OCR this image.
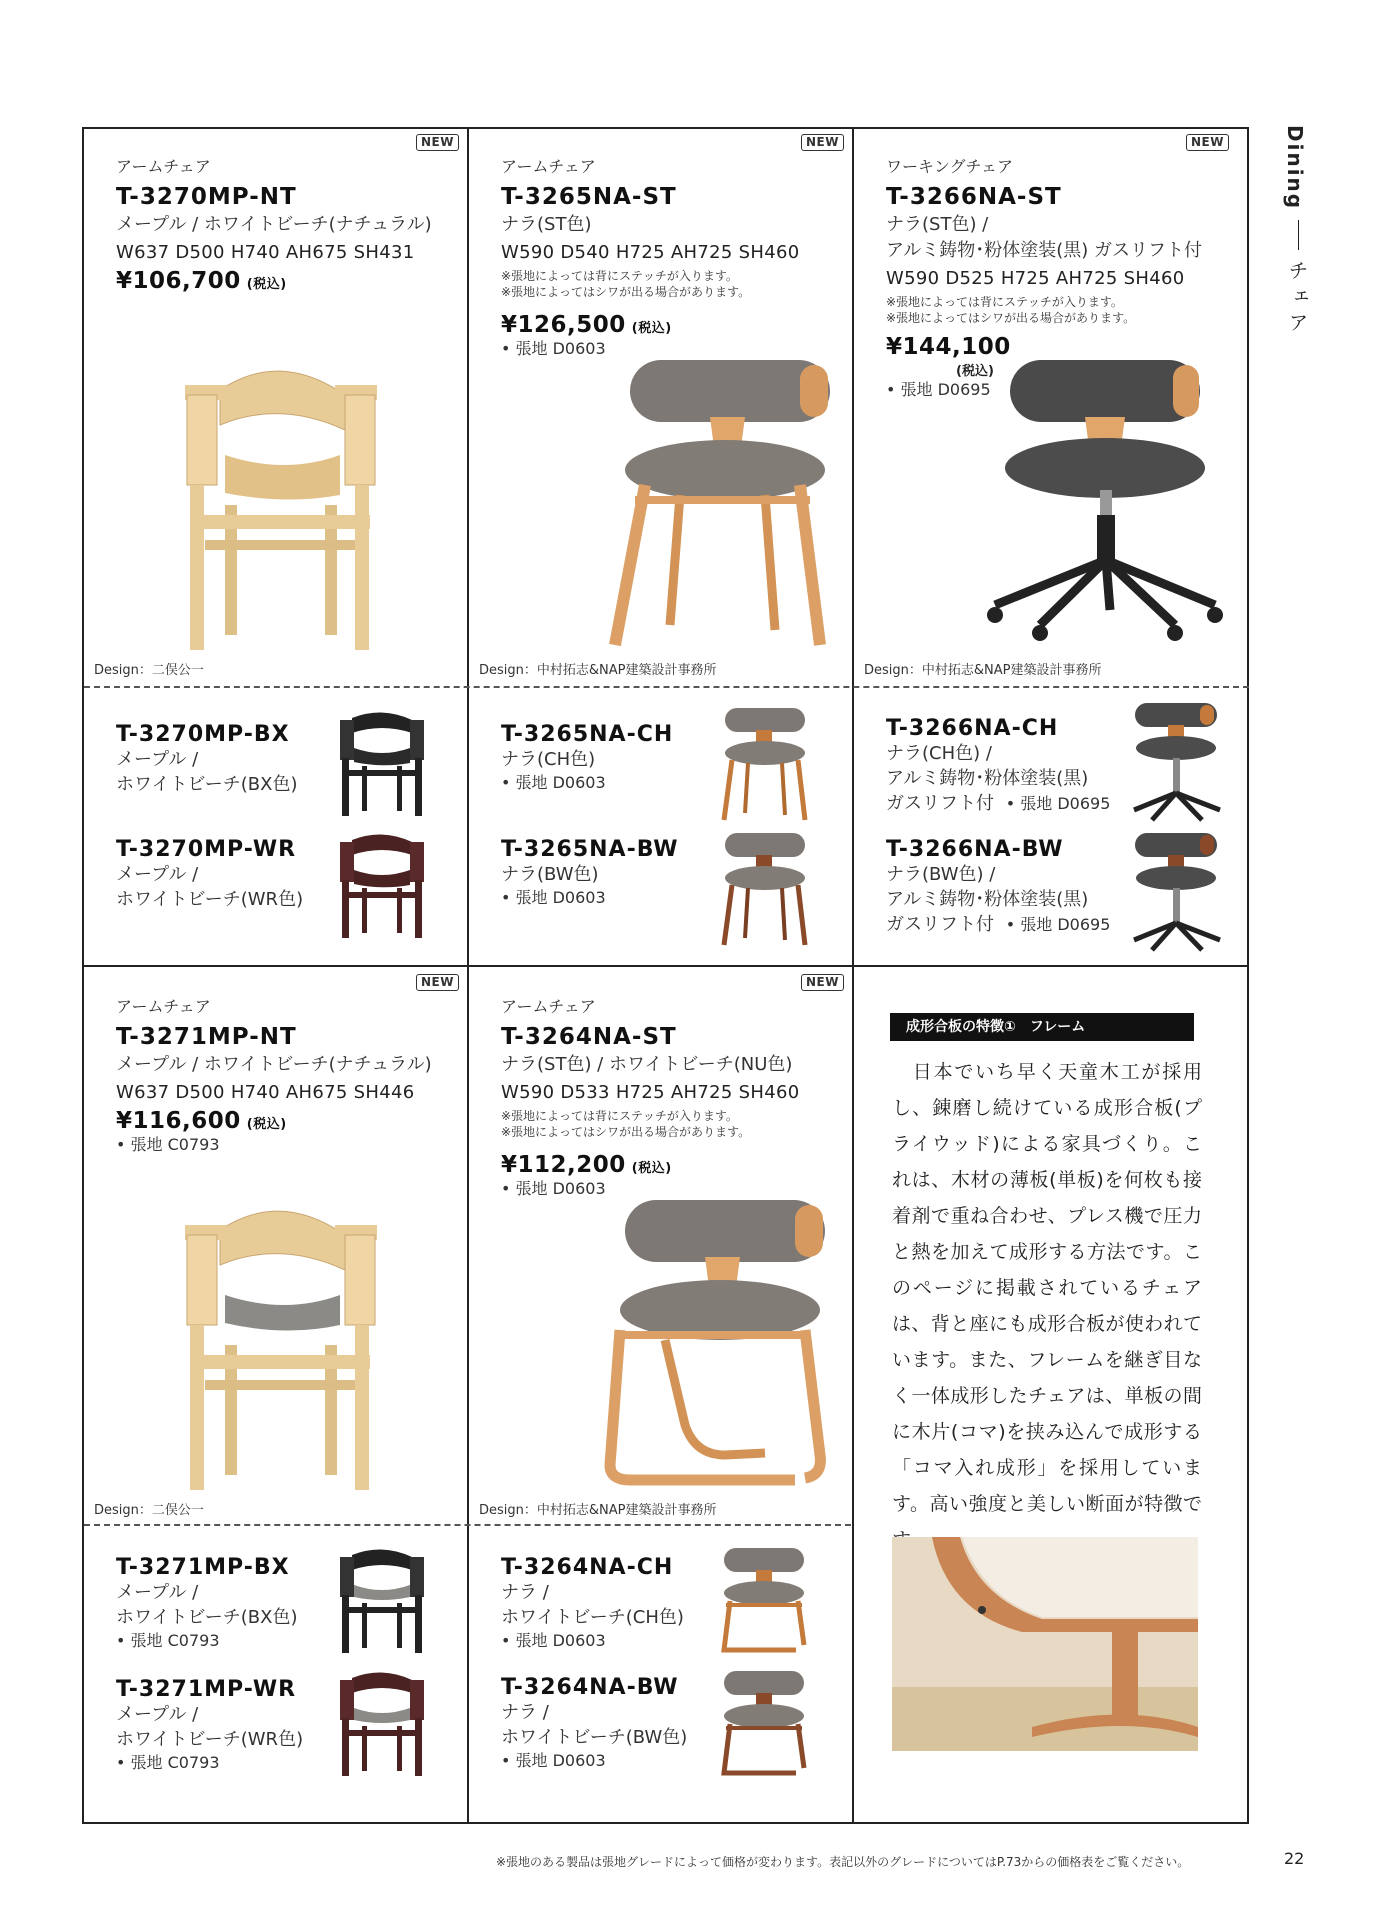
Dining
チェア
NEW	NEW	NEW
NEW	NEW

アームチェア

T-3270MP-NT
メープル / ホワイトビーチ(ナチュラル)
W637 D500 H740 AH675 SH431
¥106,700 (税込)
Design：二俣公一

アームチェア

T-3265NA-ST
ナラ(ST色)
W590 D540 H725 AH725 SH460
※張地によっては背にステッチが入ります。
※張地によってはシワが出る場合があります。
¥126,500 (税込)
• 張地 D0603
Design：中村拓志&NAP建築設計事務所

ワーキングチェア

T-3266NA-ST
ナラ(ST色) /
アルミ鋳物･粉体塗装(黒) ガスリフト付
W590 D525 H725 AH725 SH460
※張地によっては背にステッチが入ります。
※張地によってはシワが出る場合があります。
¥144,100
(税込)
• 張地 D0695
Design：中村拓志&NAP建築設計事務所
T-3270MP-BX
メープル /
ホワイトビーチ(BX色)
T-3270MP-WR
メープル /
ホワイトビーチ(WR色)
T-3265NA-CH
ナラ(CH色)
• 張地 D0603
T-3265NA-BW
ナラ(BW色)
• 張地 D0603
T-3266NA-CH
ナラ(CH色) /
アルミ鋳物･粉体塗装(黒)
ガスリフト付 • 張地 D0695
T-3266NA-BW
ナラ(BW色) /
アルミ鋳物･粉体塗装(黒)
ガスリフト付 • 張地 D0695

アームチェア

T-3271MP-NT
メープル / ホワイトビーチ(ナチュラル)
W637 D500 H740 AH675 SH446
¥116,600 (税込)
• 張地 C0793
Design：二俣公一

アームチェア

T-3264NA-ST
ナラ(ST色) / ホワイトビーチ(NU色)
W590 D533 H725 AH725 SH460
※張地によっては背にステッチが入ります。
※張地によってはシワが出る場合があります。
¥112,200 (税込)
• 張地 D0603
Design：中村拓志&NAP建築設計事務所
T-3271MP-BX
メープル /
ホワイトビーチ(BX色)
• 張地 C0793
T-3271MP-WR
メープル /
ホワイトビーチ(WR色)
• 張地 C0793
T-3264NA-CH
ナラ /
ホワイトビーチ(CH色)
• 張地 D0603
T-3264NA-BW
ナラ /
ホワイトビーチ(BW色)
• 張地 D0603
成形合板の特徴①　フレーム
　日本でいち早く天童木工が採用し、錬磨し続けている成形合板(プライウッド)による家具づくり。これは、木材の薄板(単板)を何枚も接着剤で重ね合わせ、プレス機で圧力と熱を加えて成形する方法です。このページに掲載されているチェアは、背と座にも成形合板が使われています。また、フレームを継ぎ目なく一体成形したチェアは、単板の間に木片(コマ)を挟み込んで成形する「コマ入れ成形」を採用しています。高い強度と美しい断面が特徴で
※張地のある製品は張地グレードによって価格が変わります。表記以外のグレードについてはP.73からの価格表をご覧ください。	22
